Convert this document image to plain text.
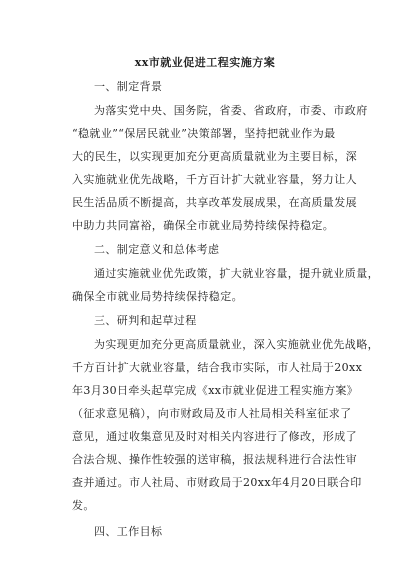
xx市就业促进工程实施方案
一、制定背景
为落实党中央、国务院，省委、省政府，市委、市政府
“稳就业”“保居民就业”决策部署，坚持把就业作为最
大的民生，以实现更加充分更高质量就业为主要目标，深
入实施就业优先战略，千方百计扩大就业容量，努力让人
民生活品质不断提高，共享改革发展成果，在高质量发展
中助力共同富裕，确保全市就业局势持续保持稳定。
二、制定意义和总体考虑
通过实施就业优先政策，扩大就业容量，提升就业质量，
确保全市就业局势持续保持稳定。
三、研判和起草过程
为实现更加充分更高质量就业，深入实施就业优先战略，
千方百计扩大就业容量，结合我市实际，市人社局于20xx
年3月30日牵头起草完成《xx市就业促进工程实施方案》
（征求意见稿），向市财政局及市人社局相关科室征求了
意见，通过收集意见及时对相关内容进行了修改，形成了
合法合规、操作性较强的送审稿，报法规科进行合法性审
查并通过。市人社局、市财政局于20xx年4月20日联合印
发。
四、工作目标
